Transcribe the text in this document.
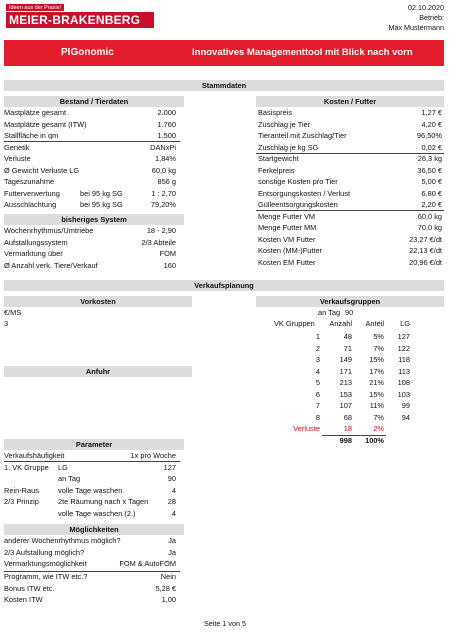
Ideen aus der Praxis!
MEIER-BRAKENBERG
02.10.2020
Betrieb:
Max Mustermann
PIGonomic	Innovatives Managementtool mit Blick nach vorn
Stammdaten
Bestand / Tierdaten	Kosten / Futter
bisheriges System
Verkaufsplanung
Vorkosten	Verkaufsgruppen
€/MS
3
an Tag 90
Anfuhr
Parameter
Möglichkeiten
Seite 1 von 5
Mastplätze gesamt	2.000
Mastplätze gesamt (ITW)	1.760
Stallfläche in qm	1.500
Genetik	DANxPi
Verluste	1,84%
Ø Gewicht Verluste LG	60,0 kg
Tageszunahme	856 g
Futterverwertung	bei 95 kg SG	1 : 2,70
Ausschlachtung	bei 95 kg SG	79,20%
Wochenrhythmus/Umtriebe	18 - 2,90
Aufstallungssystem	2/3 Abteile
Vermarktung über	FOM
Ø Anzahl verk. Tiere/Verkauf	160
Basispreis	1,27 €
Zuschlag je Tier	4,20 €
Tieranteil mit Zuschlag/Tier	96,50%
Zuschlag je kg SG	0,02 €
Startgewicht	26,3 kg
Ferkelpreis	36,50 €
sonstige Kosten pro Tier	5,00 €
Entsorgungskosten / Verlust	6,80 €
Gülleentsorgungskosten	2,20 €
Menge Futter VM	60,0 kg
Menge Futter MM	70,0 kg
Kosten VM Futter	23,27 €/dt
Kosten (MM-)Futter	22,13 €/dt
Kosten EM Futter	20,96 €/dt
VK Gruppen	Anzahl	Anteil	LG
1	48	5%	127
2	71	7%	122
3	149	15%	118
4	171	17%	113
5	213	21%	108
6	153	15%	103
7	107	11%	99
8	68	7%	94
Verluste	18	2%
998	100%
Verkaufshäufigkeit	1x pro Woche
1. VK Gruppe LG	127
an Tag	90
Rein-Raus	volle Tage waschen	4
2/3 Prinzip	2te Räumung nach x Tagen	28
volle Tage waschen (2.)	4
anderer Wochenrhythmus möglich?	Ja
2/3 Aufstallung möglich?	Ja
Vermarktungsmöglichkeit	FOM & AutoFOM
Programm, wie ITW etc.?	Nein
Bonus ITW etc.	5,28 €
Kosten ITW	1,00
